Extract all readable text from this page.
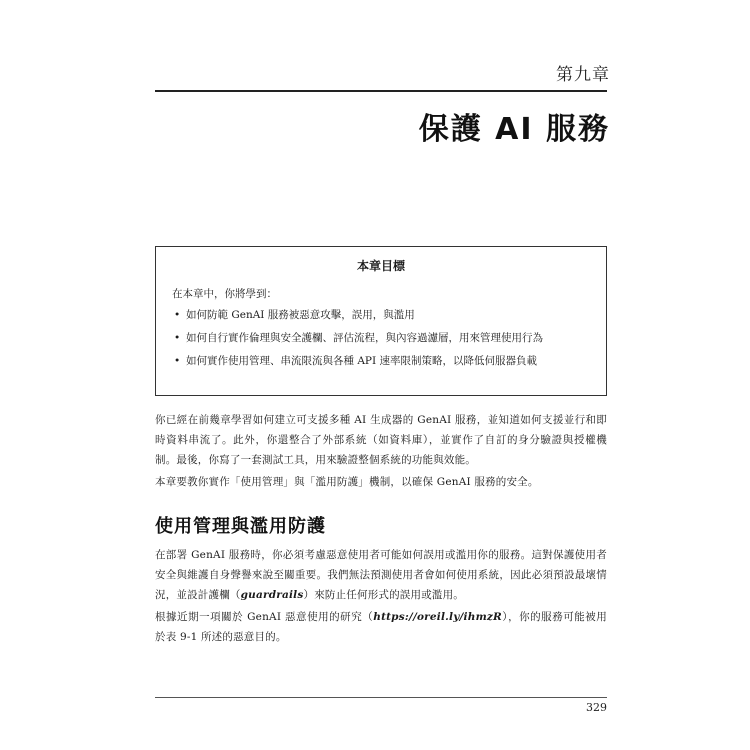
第九章
保護 AI 服務
本章目標
在本章中，你將學到：
• 如何防範 GenAI 服務被惡意攻擊，誤用，與濫用
• 如何自行實作倫理與安全護欄、評估流程，與內容過濾層，用來管理使用行為
• 如何實作使用管理、串流限流與各種 API 速率限制策略，以降低伺服器負載

你已經在前幾章學習如何建立可支援多種 AI 生成器的 GenAI 服務，並知道如何支援並行和即時資料串流了。此外，你還整合了外部系統（如資料庫），並實作了自訂的身分驗證與授權機制。最後，你寫了一套測試工具，用來驗證整個系統的功能與效能。

本章要教你實作「使用管理」與「濫用防護」機制，以確保 GenAI 服務的安全。

使用管理與濫用防護

在部署 GenAI 服務時，你必須考慮惡意使用者可能如何誤用或濫用你的服務。這對保護使用者安全與維護自身聲譽來說至關重要。我們無法預測使用者會如何使用系統，因此必須預設最壞情況，並設計護欄（guardrails）來防止任何形式的誤用或濫用。

根據近期一項關於 GenAI 惡意使用的研究（https://oreil.ly/ihmzR），你的服務可能被用於表 9-1 所述的惡意目的。

329
